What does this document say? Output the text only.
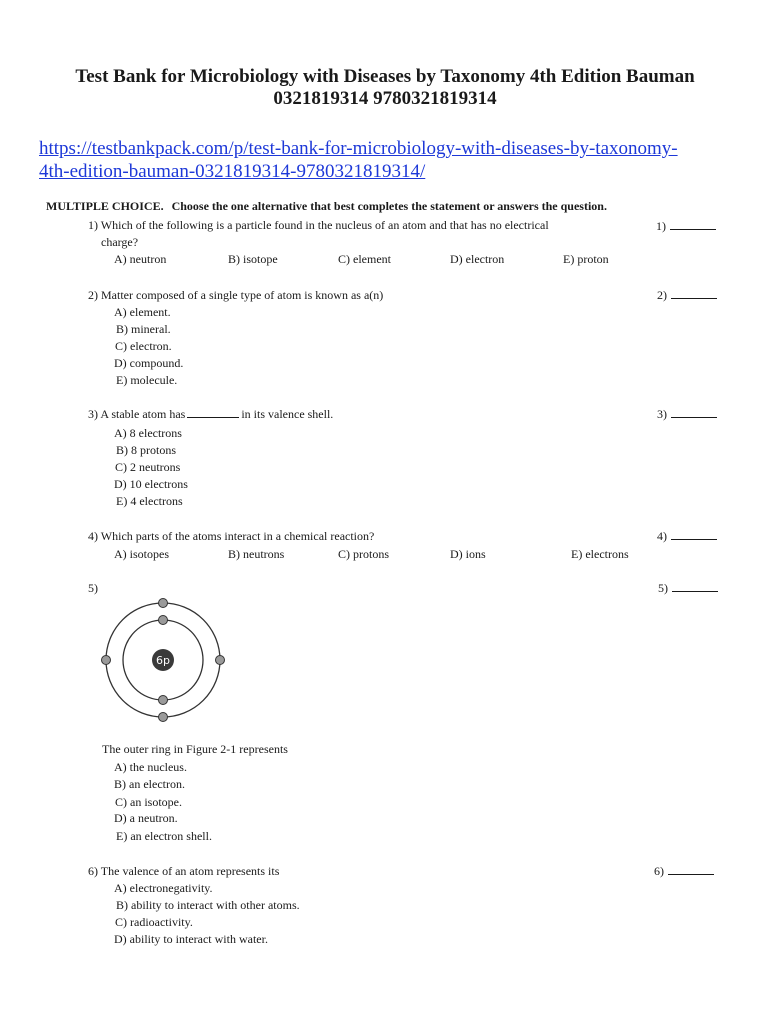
Test Bank for Microbiology with Diseases by Taxonomy 4th Edition Bauman
0321819314 9780321819314
https://testbankpack.com/p/test-bank-for-microbiology-with-diseases-by-taxonomy-
4th-edition-bauman-0321819314-9780321819314/
MULTIPLE CHOICE. Choose the one alternative that best completes the statement or answers the question.
1) Which of the following is a particle found in the nucleus of an atom and that has no electrical
charge?
A) neutron	B) isotope	C) element	D) electron	E) proton
1)
2) Matter composed of a single type of atom is known as a(n)
A) element.
B) mineral.
C) electron.
D) compound.
E) molecule.
2)
3) A stable atom has	in its valence shell.
A) 8 electrons
B) 8 protons
C) 2 neutrons
D) 10 electrons
E) 4 electrons
3)
4) Which parts of the atoms interact in a chemical reaction?
A) isotopes	B) neutrons	C) protons	D) ions	E) electrons
4)
5)	5)
6p
The outer ring in Figure 2-1 represents
A) the nucleus.
B) an electron.
C) an isotope.
D) a neutron.
E) an electron shell.
6) The valence of an atom represents its
A) electronegativity.
B) ability to interact with other atoms.
C) radioactivity.
D) ability to interact with water.
6)
